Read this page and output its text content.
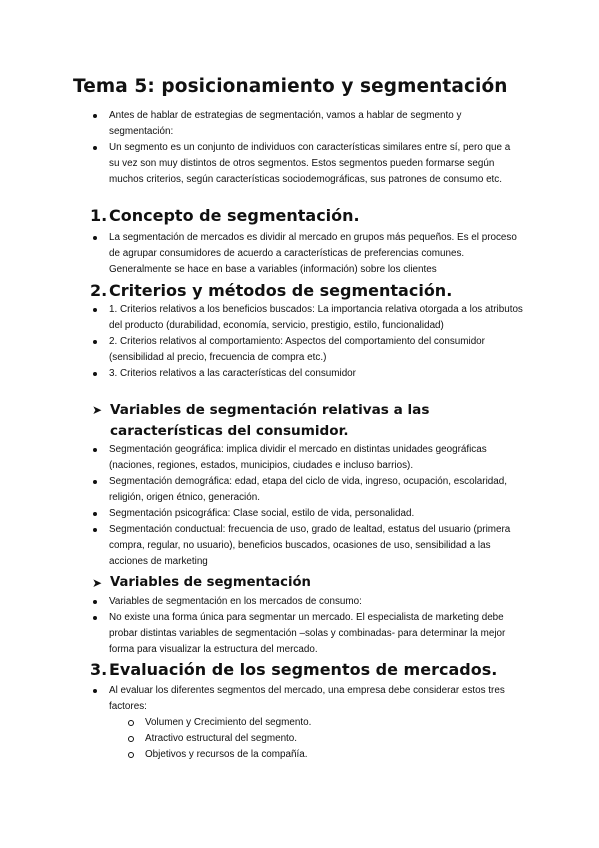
Tema 5: posicionamiento y segmentación
Antes de hablar de estrategias de segmentación, vamos a hablar de segmento y segmentación:
Un segmento es un conjunto de individuos con características similares entre sí, pero que a su vez son muy distintos de otros segmentos. Estos segmentos pueden formarse según muchos criterios, según características sociodemográficas, sus patrones de consumo etc.
1. Concepto de segmentación.
La segmentación de mercados es dividir al mercado en grupos más pequeños. Es el proceso de agrupar consumidores de acuerdo a características de preferencias comunes. Generalmente se hace en base a variables (información) sobre los clientes
2. Criterios y métodos de segmentación.
1. Criterios relativos a los beneficios buscados: La importancia relativa otorgada a los atributos del producto (durabilidad, economía, servicio, prestigio, estilo, funcionalidad)
2. Criterios relativos al comportamiento: Aspectos del comportamiento del consumidor (sensibilidad al precio, frecuencia de compra etc.)
3. Criterios relativos a las características del consumidor
➤ Variables de segmentación relativas a las características del consumidor.
Segmentación geográfica: implica dividir el mercado en distintas unidades geográficas (naciones, regiones, estados, municipios, ciudades e incluso barrios).
Segmentación demográfica: edad, etapa del ciclo de vida, ingreso, ocupación, escolaridad, religión, origen étnico, generación.
Segmentación psicográfica: Clase social, estilo de vida, personalidad.
Segmentación conductual: frecuencia de uso, grado de lealtad, estatus del usuario (primera compra, regular, no usuario), beneficios buscados, ocasiones de uso, sensibilidad a las acciones de marketing
➤ Variables de segmentación
Variables de segmentación en los mercados de consumo:
No existe una forma única para segmentar un mercado. El especialista de marketing debe probar distintas variables de segmentación –solas y combinadas- para determinar la mejor forma para visualizar la estructura del mercado.
3. Evaluación de los segmentos de mercados.
Al evaluar los diferentes segmentos del mercado, una empresa debe considerar estos tres factores:
Volumen y Crecimiento del segmento.
Atractivo estructural del segmento.
Objetivos y recursos de la compañía.
